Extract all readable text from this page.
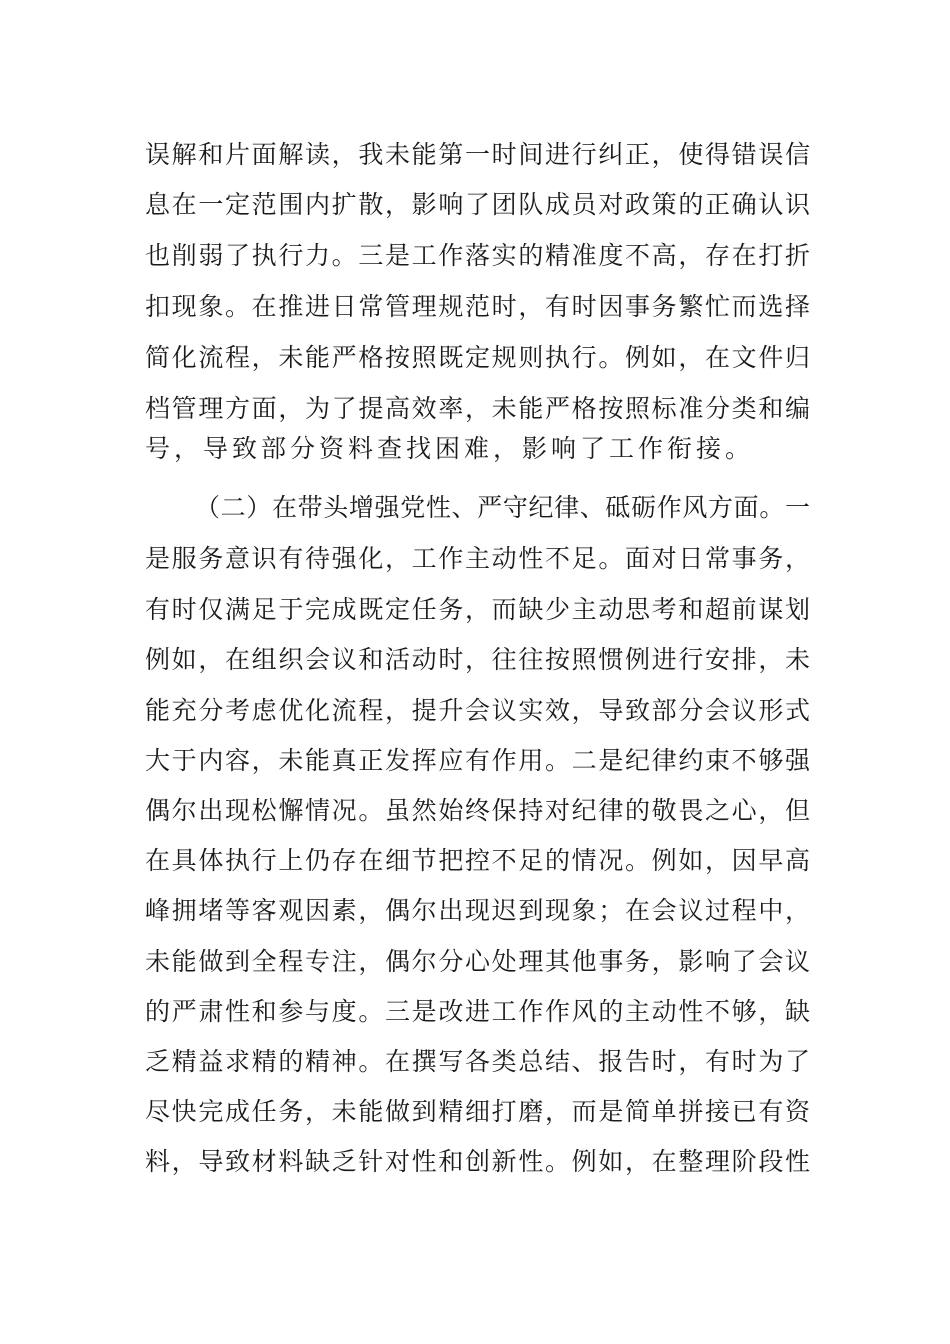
误解和片面解读，我未能第一时间进行纠正，使得错误信
息在一定范围内扩散，影响了团队成员对政策的正确认识
也削弱了执行力。三是工作落实的精准度不高，存在打折
扣现象。在推进日常管理规范时，有时因事务繁忙而选择
简化流程，未能严格按照既定规则执行。例如，在文件归
档管理方面，为了提高效率，未能严格按照标准分类和编
号，导致部分资料查找困难，影响了工作衔接。
（二）在带头增强党性、严守纪律、砥砺作风方面。一
是服务意识有待强化，工作主动性不足。面对日常事务，
有时仅满足于完成既定任务，而缺少主动思考和超前谋划
例如，在组织会议和活动时，往往按照惯例进行安排，未
能充分考虑优化流程，提升会议实效，导致部分会议形式
大于内容，未能真正发挥应有作用。二是纪律约束不够强
偶尔出现松懈情况。虽然始终保持对纪律的敬畏之心，但
在具体执行上仍存在细节把控不足的情况。例如，因早高
峰拥堵等客观因素，偶尔出现迟到现象；在会议过程中，
未能做到全程专注，偶尔分心处理其他事务，影响了会议
的严肃性和参与度。三是改进工作作风的主动性不够，缺
乏精益求精的精神。在撰写各类总结、报告时，有时为了
尽快完成任务，未能做到精细打磨，而是简单拼接已有资
料，导致材料缺乏针对性和创新性。例如，在整理阶段性
